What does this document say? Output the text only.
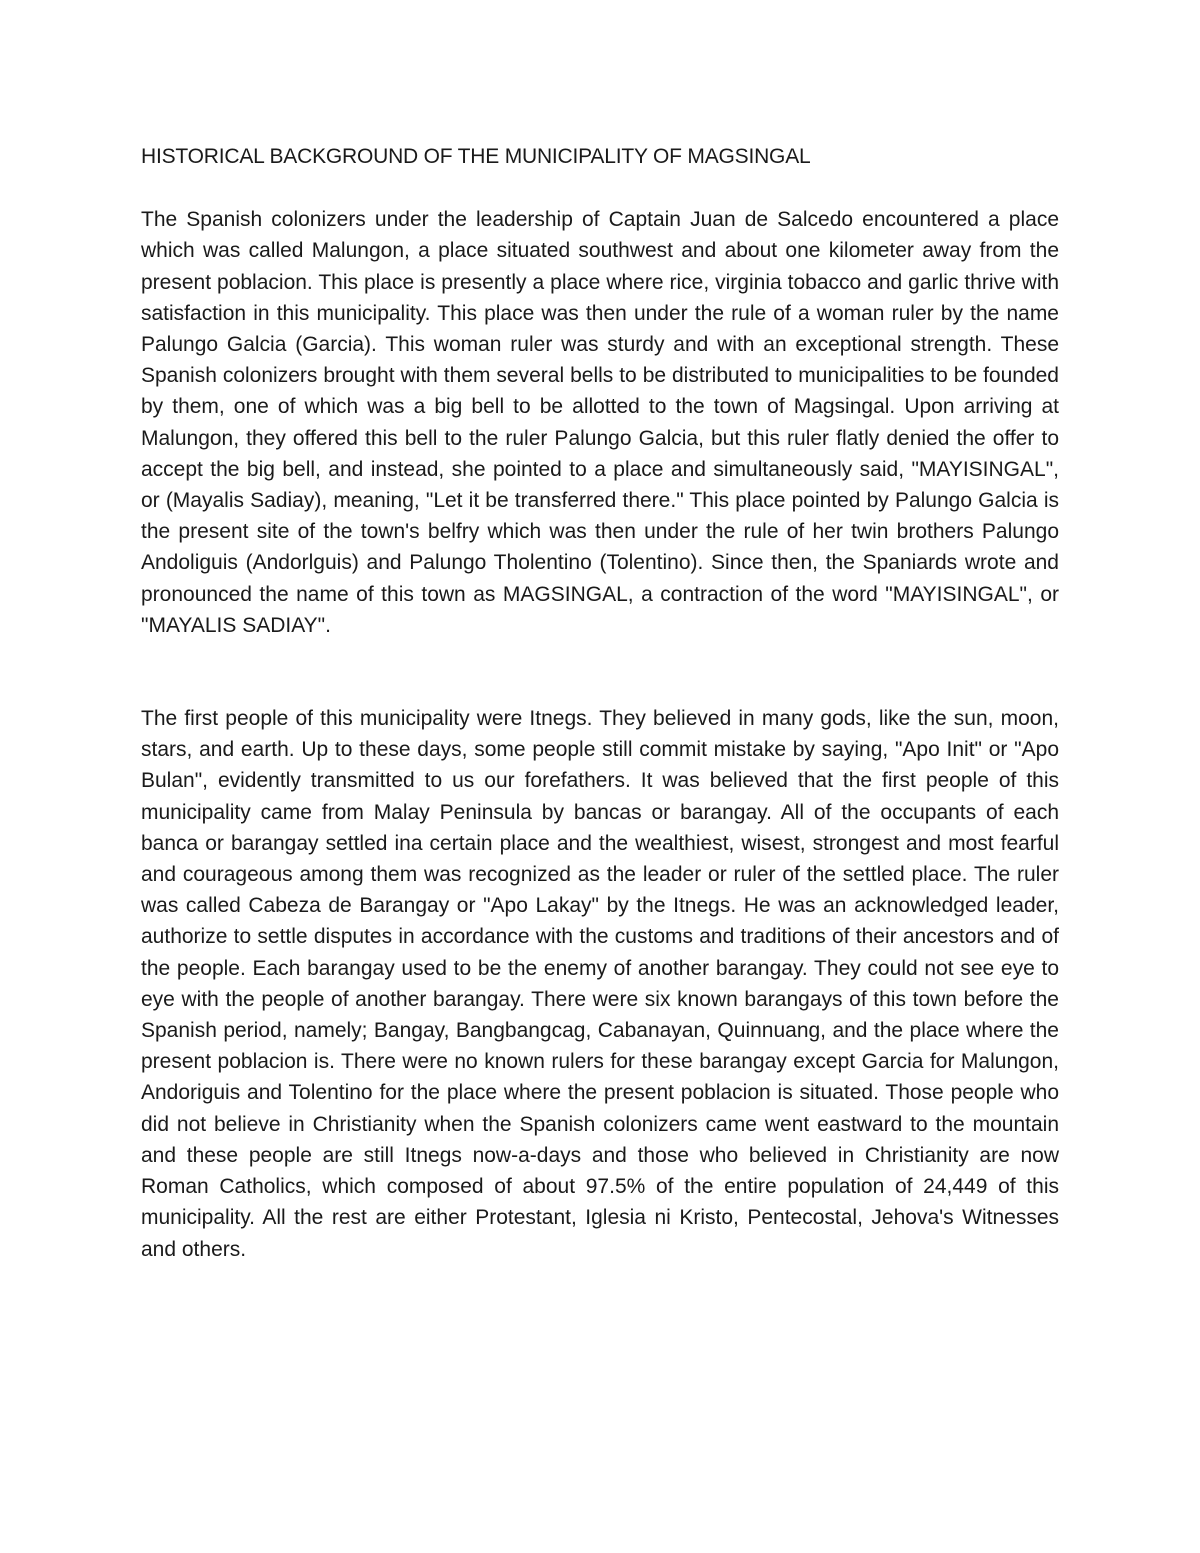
HISTORICAL BACKGROUND OF THE MUNICIPALITY OF MAGSINGAL

The Spanish colonizers under the leadership of Captain Juan de Salcedo encountered a place which was called Malungon, a place situated southwest and about one kilometer away from the present poblacion. This place is presently a place where rice, virginia tobacco and garlic thrive with satisfaction in this municipality. This place was then under the rule of a woman ruler by the name Palungo Galcia (Garcia). This woman ruler was sturdy and with an exceptional strength. These Spanish colonizers brought with them several bells to be distributed to municipalities to be founded by them, one of which was a big bell to be allotted to the town of Magsingal. Upon arriving at Malungon, they offered this bell to the ruler Palungo Galcia, but this ruler flatly denied the offer to accept the big bell, and instead, she pointed to a place and simultaneously said, "MAYISINGAL", or (Mayalis Sadiay), meaning, "Let it be transferred there." This place pointed by Palungo Galcia is the present site of the town's belfry which was then under the rule of her twin brothers Palungo Andoliguis (Andorlguis) and Palungo Tholentino (Tolentino). Since then, the Spaniards wrote and pronounced the name of this town as MAGSINGAL, a contraction of the word "MAYISINGAL", or "MAYALIS SADIAY".

The first people of this municipality were Itnegs. They believed in many gods, like the sun, moon, stars, and earth. Up to these days, some people still commit mistake by saying, "Apo Init" or "Apo Bulan", evidently transmitted to us our forefathers. It was believed that the first people of this municipality came from Malay Peninsula by bancas or barangay. All of the occupants of each banca or barangay settled ina certain place and the wealthiest, wisest, strongest and most fearful and courageous among them was recognized as the leader or ruler of the settled place. The ruler was called Cabeza de Barangay or "Apo Lakay" by the Itnegs. He was an acknowledged leader, authorize to settle disputes in accordance with the customs and traditions of their ancestors and of the people. Each barangay used to be the enemy of another barangay. They could not see eye to eye with the people of another barangay. There were six known barangays of this town before the Spanish period, namely; Bangay, Bangbangcag, Cabanayan, Quinnuang, and the place where the present poblacion is. There were no known rulers for these barangay except Garcia for Malungon, Andoriguis and Tolentino for the place where the present poblacion is situated. Those people who did not believe in Christianity when the Spanish colonizers came went eastward to the mountain and these people are still Itnegs now-a-days and those who believed in Christianity are now Roman Catholics, which composed of about 97.5% of the entire population of 24,449 of this municipality. All the rest are either Protestant, Iglesia ni Kristo, Pentecostal, Jehova's Witnesses and others.
